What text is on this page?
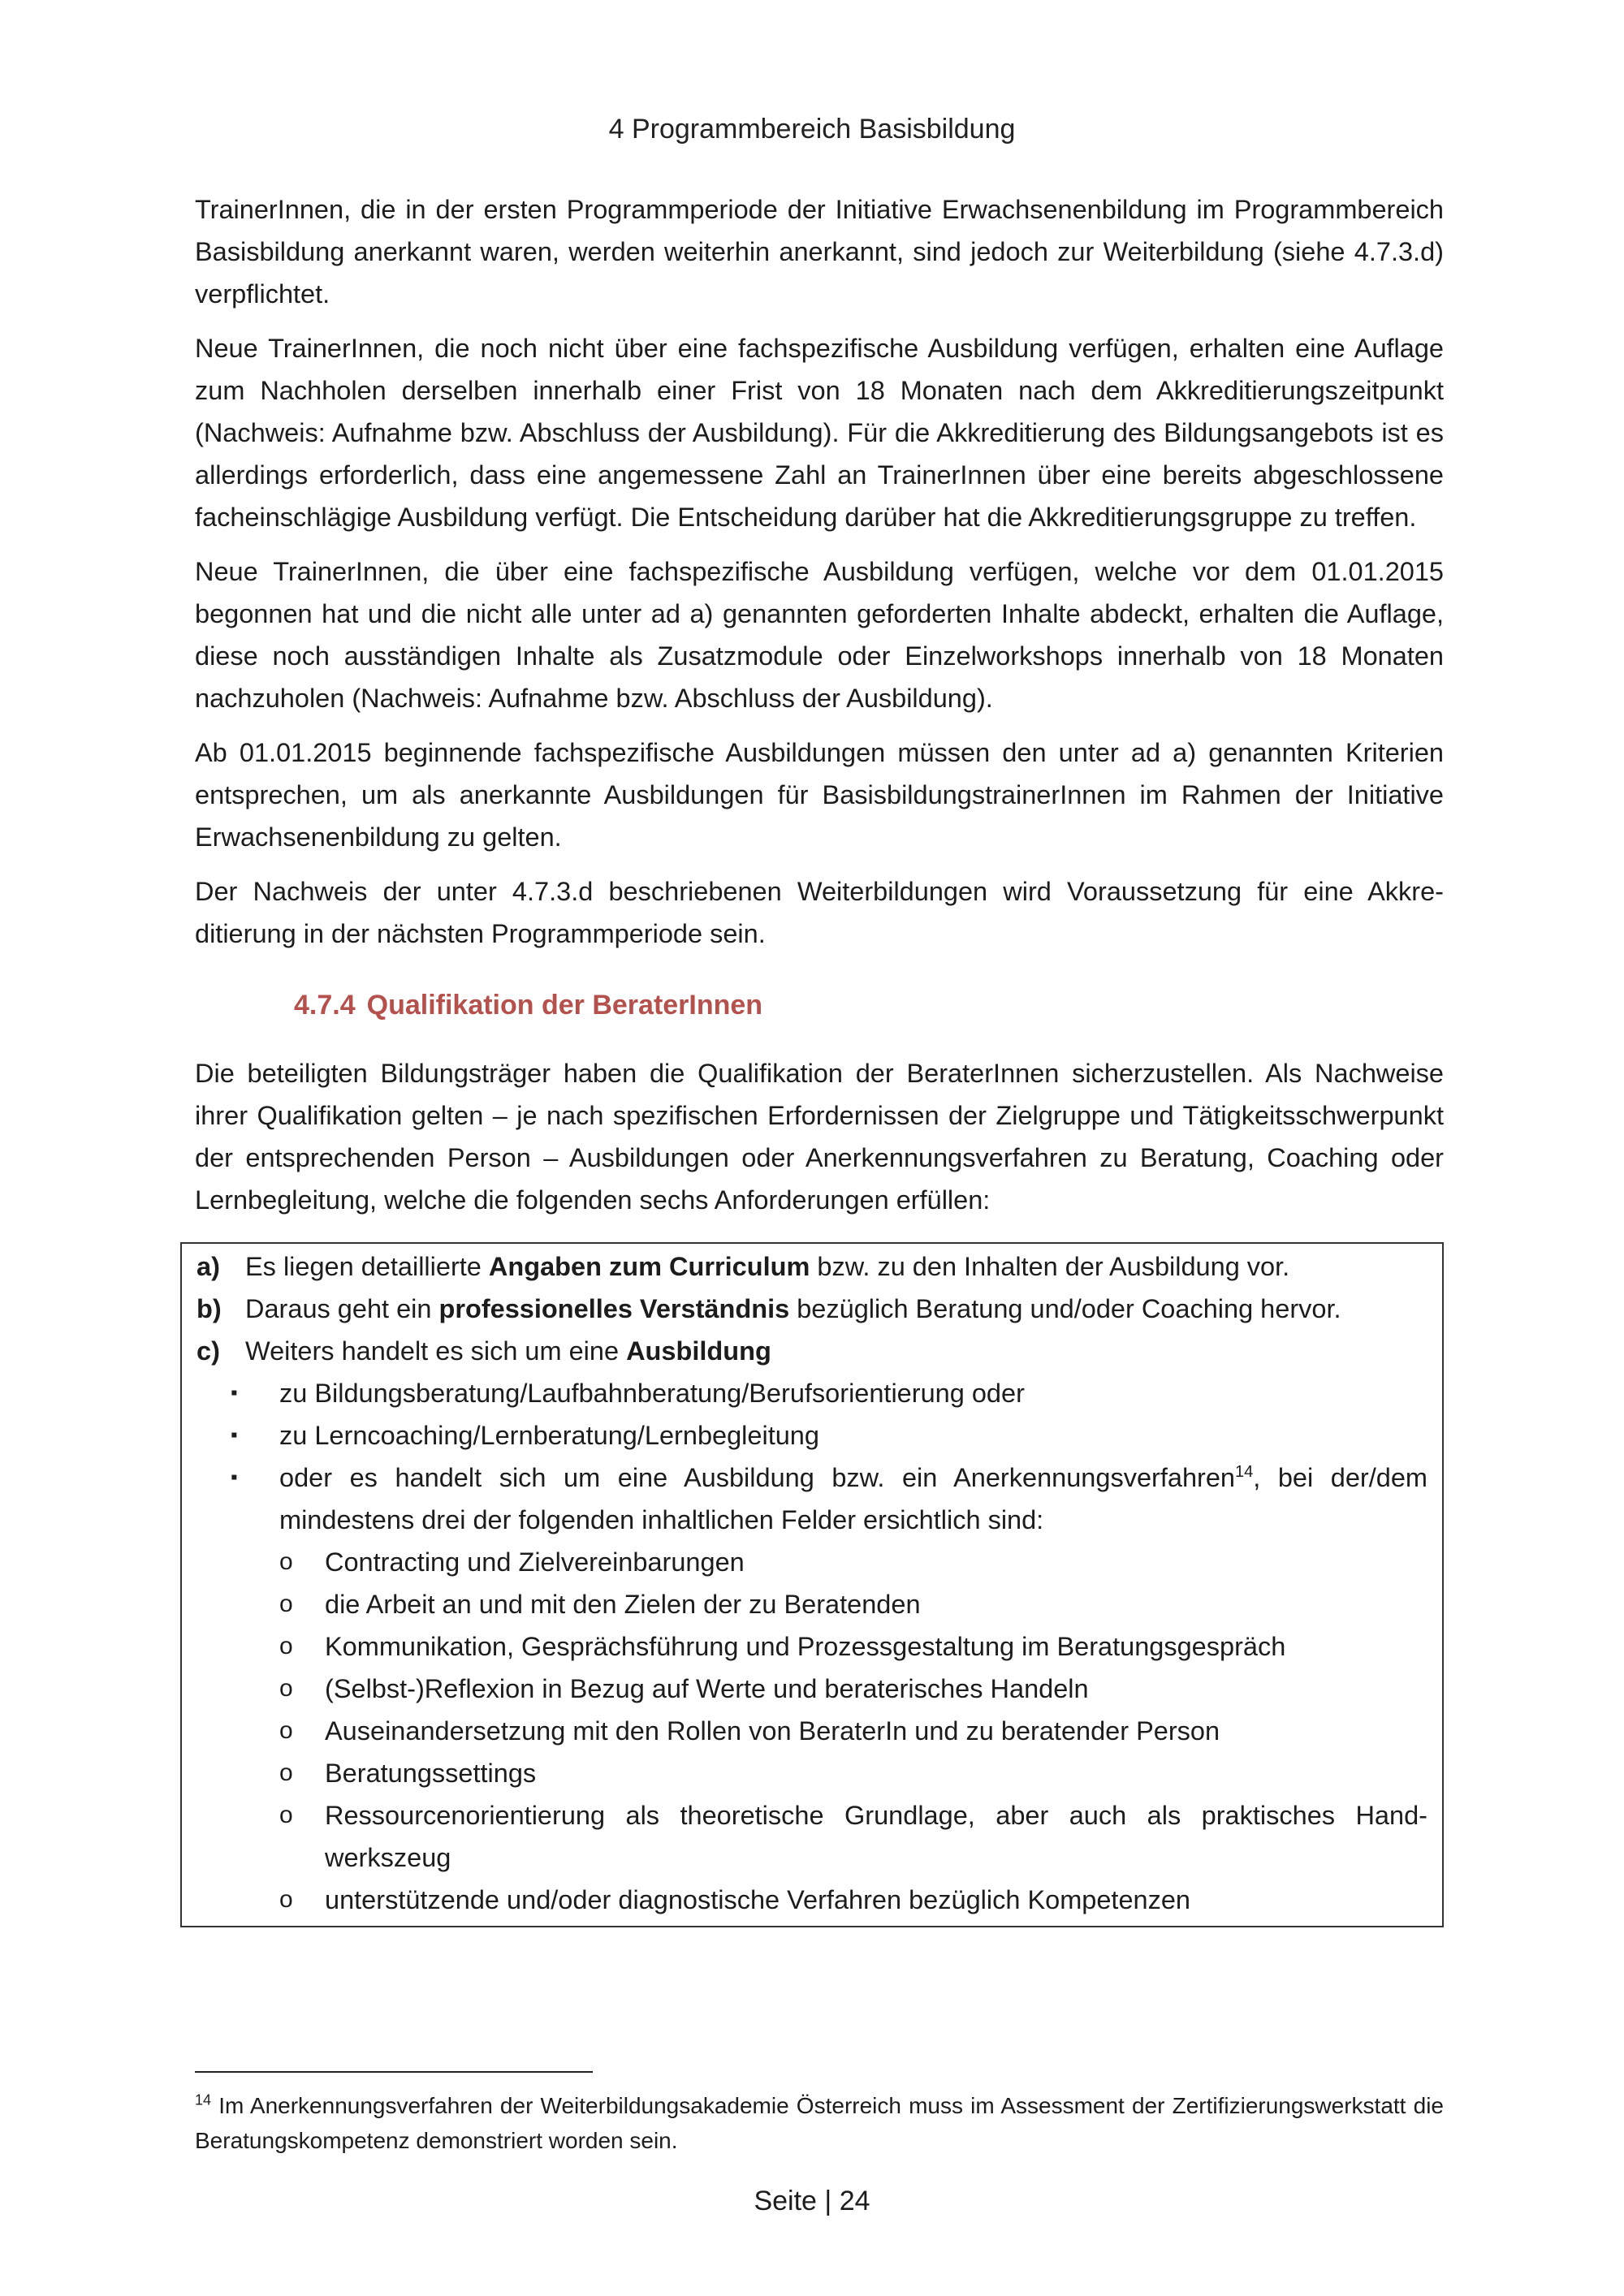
4 Programmbereich Basisbildung

TrainerInnen, die in der ersten Programmperiode der Initiative Erwachsenenbildung im Programmbereich Basisbildung anerkannt waren, werden weiterhin anerkannt, sind jedoch zur Weiterbildung (siehe 4.7.3.d) verpflichtet.

Neue TrainerInnen, die noch nicht über eine fachspezifische Ausbildung verfügen, erhalten eine Auflage zum Nachholen derselben innerhalb einer Frist von 18 Monaten nach dem Akkreditierungszeitpunkt (Nachweis: Aufnahme bzw. Abschluss der Ausbildung). Für die Akkreditierung des Bildungsangebots ist es allerdings erforderlich, dass eine angemessene Zahl an TrainerInnen über eine bereits abgeschlossene facheinschlägige Ausbildung verfügt. Die Entscheidung darüber hat die Akkreditierungsgruppe zu treffen.

Neue TrainerInnen, die über eine fachspezifische Ausbildung verfügen, welche vor dem 01.01.2015 begonnen hat und die nicht alle unter ad a) genannten geforderten Inhalte abdeckt, erhalten die Auflage, diese noch ausständigen Inhalte als Zusatzmodule oder Einzelworkshops innerhalb von 18 Monaten nachzuholen (Nachweis: Aufnahme bzw. Abschluss der Ausbildung).

Ab 01.01.2015 beginnende fachspezifische Ausbildungen müssen den unter ad a) genannten Kriterien entsprechen, um als anerkannte Ausbildungen für BasisbildungstrainerInnen im Rahmen der Initiative Erwachsenenbildung zu gelten.

Der Nachweis der unter 4.7.3.d beschriebenen Weiterbildungen wird Voraussetzung für eine Akkreditierung in der nächsten Programmperiode sein.

4.7.4 Qualifikation der BeraterInnen

Die beteiligten Bildungsträger haben die Qualifikation der BeraterInnen sicherzustellen. Als Nachweise ihrer Qualifikation gelten – je nach spezifischen Erfordernissen der Zielgruppe und Tätigkeitsschwerpunkt der entsprechenden Person – Ausbildungen oder Anerkennungsverfahren zu Beratung, Coaching oder Lernbegleitung, welche die folgenden sechs Anforderungen erfüllen:

a) Es liegen detaillierte Angaben zum Curriculum bzw. zu den Inhalten der Ausbildung vor.
b) Daraus geht ein professionelles Verständnis bezüglich Beratung und/oder Coaching hervor.
c) Weiters handelt es sich um eine Ausbildung
▪	zu Bildungsberatung/Laufbahnberatung/Berufsorientierung oder
▪	zu Lerncoaching/Lernberatung/Lernbegleitung
▪	oder es handelt sich um eine Ausbildung bzw. ein Anerkennungsverfahren$^{14}$, bei der/dem mindestens drei der folgenden inhaltlichen Felder ersichtlich sind:
o	Contracting und Zielvereinbarungen
o	die Arbeit an und mit den Zielen der zu Beratenden
o	Kommunikation, Gesprächsführung und Prozessgestaltung im Beratungsgespräch
o	(Selbst-)Reflexion in Bezug auf Werte und beraterisches Handeln
o	Auseinandersetzung mit den Rollen von BeraterIn und zu beratender Person
o	Beratungssettings
o	Ressourcenorientierung als theoretische Grundlage, aber auch als praktisches Handwerkszeug
o	unterstützende und/oder diagnostische Verfahren bezüglich Kompetenzen
$^{14}$ Im Anerkennungsverfahren der Weiterbildungsakademie Österreich muss im Assessment der Zertifizierungswerkstatt die Beratungskompetenz demonstriert worden sein.
Seite | 24
